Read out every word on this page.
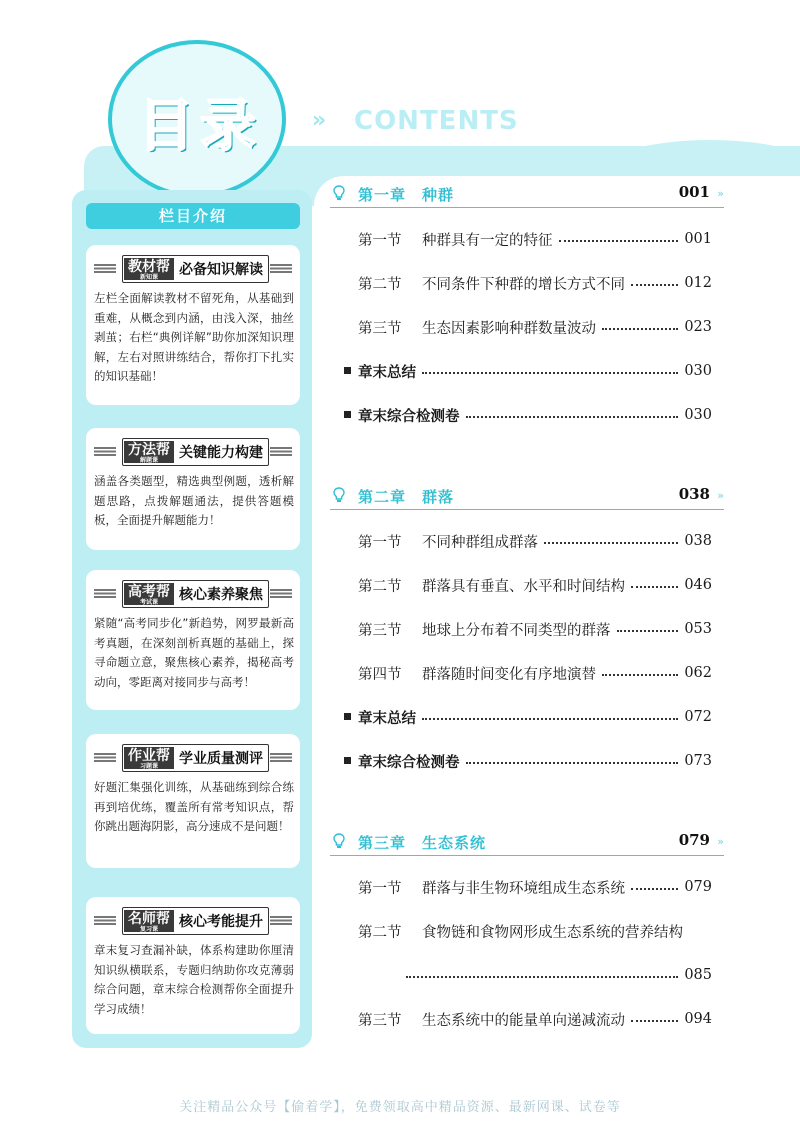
目录 » CONTENTS
栏目介绍
教材帮
新知课	必备知识解读
左栏全面解读教材不留死角，从基础到重难，从概念到内涵，由浅入深，抽丝剥茧；右栏“典例详解”助你加深知识理解，左右对照讲练结合，帮你打下扎实的知识基础！
方法帮
解题课	关键能力构建
涵盖各类题型，精选典型例题，透析解题思路，点拨解题通法，提供答题模板，全面提升解题能力！
高考帮
考试课	核心素养聚焦
紧随“高考同步化”新趋势，网罗最新高考真题，在深刻剖析真题的基础上，探寻命题立意，聚焦核心素养，揭秘高考动向，零距离对接同步与高考！
作业帮
习题课	学业质量测评
好题汇集强化训练，从基础练到综合练再到培优练，覆盖所有常考知识点，帮你跳出题海阴影，高分速成不是问题！
名师帮
复习课	核心考能提升
章末复习查漏补缺，体系构建助你厘清知识纵横联系，专题归纳助你攻克薄弱综合问题，章末综合检测帮你全面提升学习成绩！
第一章　种群	001 »
第一节	种群具有一定的特征	001
第二节	不同条件下种群的增长方式不同	012
第三节	生态因素影响种群数量波动	023
章末总结	030
章末综合检测卷	030
第二章　群落	038 »
第一节	不同种群组成群落	038
第二节	群落具有垂直、水平和时间结构	046
第三节	地球上分布着不同类型的群落	053
第四节	群落随时间变化有序地演替	062
章末总结	072
章末综合检测卷	073
第三章　生态系统	079 »
第一节	群落与非生物环境组成生态系统	079
第二节	食物链和食物网形成生态系统的营养结构
085
第三节	生态系统中的能量单向递减流动	094
关注精品公众号【偷着学】，免费领取高中精品资源、最新网课、试卷等
